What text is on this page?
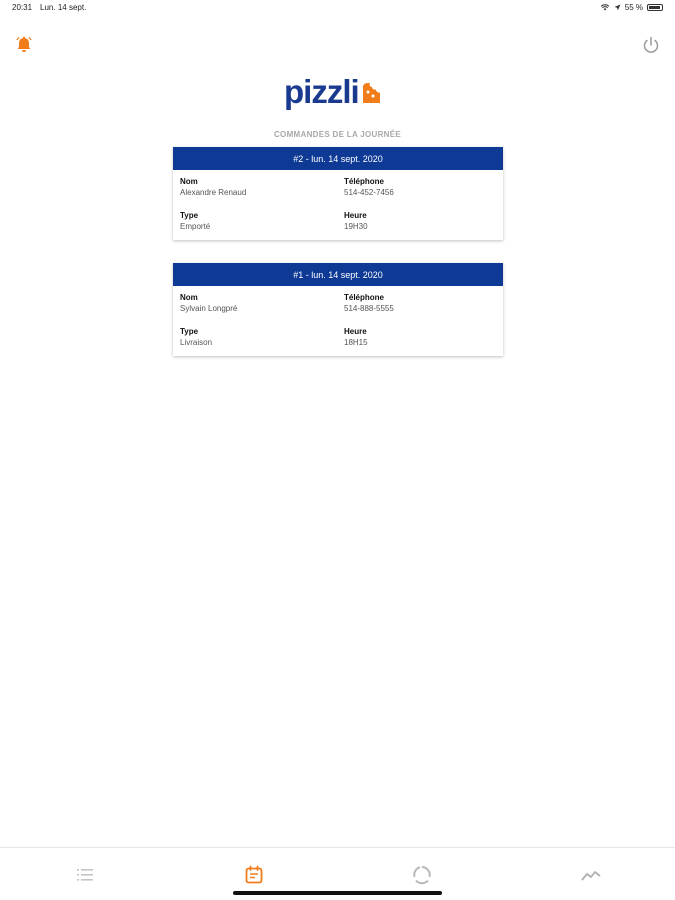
20:31 Lun. 14 sept.	55 %
pizzli
COMMANDES DE LA JOURNÉE
#2 - lun. 14 sept. 2020
Nom
Alexandre Renaud
Téléphone
514-452-7456
Type
Emporté
Heure
19H30
#1 - lun. 14 sept. 2020
Nom
Sylvain Longpré
Téléphone
514-888-5555
Type
Livraison
Heure
18H15
